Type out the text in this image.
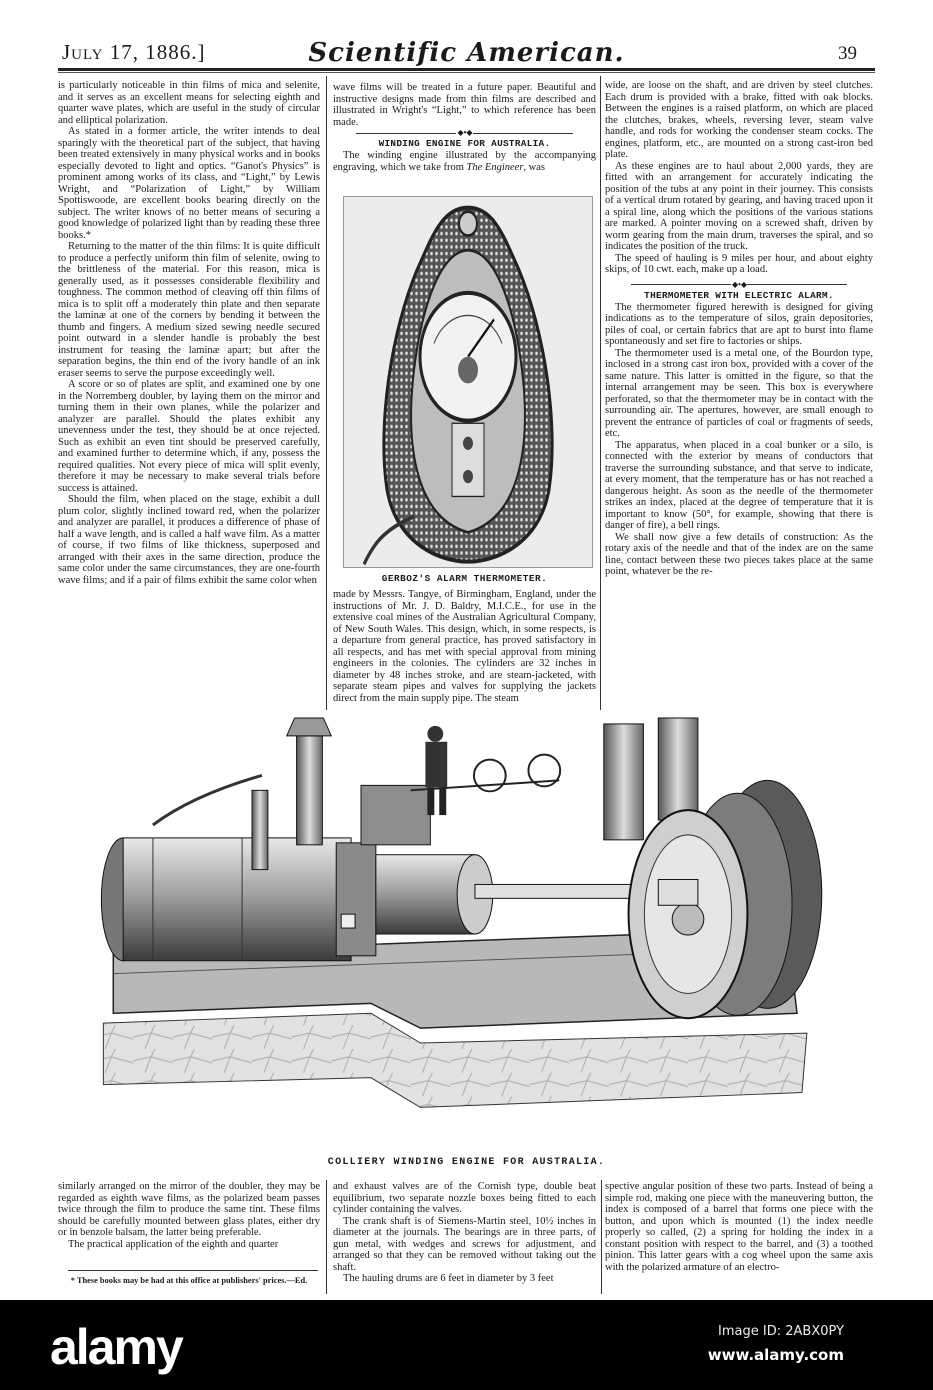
July 17, 1886.]	Scientific American.	39

is particularly noticeable in thin films of mica and selenite, and it serves as an excellent means for selecting eighth and quarter wave plates, which are useful in the study of circular and elliptical polarization.

As stated in a former article, the writer intends to deal sparingly with the theoretical part of the subject, that having been treated extensively in many physical works and in books especially devoted to light and optics. “Ganot's Physics” is prominent among works of its class, and “Light,” by Lewis Wright, and “Polarization of Light,” by William Spottiswoode, are excellent books bearing directly on the subject. The writer knows of no better means of securing a good knowledge of polarized light than by reading these three books.*

Returning to the matter of the thin films: It is quite difficult to produce a perfectly uniform thin film of selenite, owing to the brittleness of the material. For this reason, mica is generally used, as it possesses considerable flexibility and toughness. The common method of cleaving off thin films of mica is to split off a moderately thin plate and then separate the laminæ at one of the corners by bending it between the thumb and fingers. A medium sized sewing needle secured point outward in a slender handle is probably the best instrument for teasing the laminæ apart; but after the separation begins, the thin end of the ivory handle of an ink eraser seems to serve the purpose exceedingly well.

A score or so of plates are split, and examined one by one in the Norremberg doubler, by laying them on the mirror and turning them in their own planes, while the polarizer and analyzer are parallel. Should the plates exhibit any unevenness under the test, they should be at once rejected. Such as exhibit an even tint should be preserved carefully, and examined further to determine which, if any, possess the required qualities. Not every piece of mica will split evenly, therefore it may be necessary to make several trials before success is attained.

Should the film, when placed on the stage, exhibit a dull plum color, slightly inclined toward red, when the polarizer and analyzer are parallel, it produces a difference of phase of half a wave length, and is called a half wave film. As a matter of course, if two films of like thickness, superposed and arranged with their axes in the same direction, produce the same color under the same circumstances, they are one-fourth wave films; and if a pair of films exhibit the same color when

wave films will be treated in a future paper. Beautiful and instructive designs made from thin films are described and illustrated in Wright's “Light,” to which reference has been made.

◆ • ◆

WINDING ENGINE FOR AUSTRALIA.

The winding engine illustrated by the accompanying engraving, which we take from The Engineer, was

GERBOZ'S ALARM THERMOMETER.

made by Messrs. Tangye, of Birmingham, England, under the instructions of Mr. J. D. Baldry, M.I.C.E., for use in the extensive coal mines of the Australian Agricultural Company, of New South Wales. This design, which, in some respects, is a departure from general practice, has proved satisfactory in all respects, and has met with special approval from mining engineers in the colonies. The cylinders are 32 inches in diameter by 48 inches stroke, and are steam-jacketed, with separate steam pipes and valves for supplying the jackets direct from the main supply pipe. The steam

wide, are loose on the shaft, and are driven by steel clutches. Each drum is provided with a brake, fitted with oak blocks. Between the engines is a raised platform, on which are placed the clutches, brakes, wheels, reversing lever, steam valve handle, and rods for working the condenser steam cocks. The engines, platform, etc., are mounted on a strong cast-iron bed plate.

As these engines are to haul about 2,000 yards, they are fitted with an arrangement for accurately indicating the position of the tubs at any point in their journey. This consists of a vertical drum rotated by gearing, and having traced upon it a spiral line, along which the positions of the various stations are marked. A pointer moving on a screwed shaft, driven by worm gearing from the main drum, traverses the spiral, and so indicates the position of the truck.

The speed of hauling is 9 miles per hour, and about eighty skips, of 10 cwt. each, make up a load.

◆ • ◆

THERMOMETER WITH ELECTRIC ALARM.

The thermometer figured herewith is designed for giving indications as to the temperature of silos, grain depositories, piles of coal, or certain fabrics that are apt to burst into flame spontaneously and set fire to factories or ships.

The thermometer used is a metal one, of the Bourdon type, inclosed in a strong cast iron box, provided with a cover of the same nature. This latter is omitted in the figure, so that the internal arrangement may be seen. This box is everywhere perforated, so that the thermometer may be in contact with the surrounding air. The apertures, however, are small enough to prevent the entrance of particles of coal or fragments of seeds, etc.

The apparatus, when placed in a coal bunker or a silo, is connected with the exterior by means of conductors that traverse the surrounding substance, and that serve to indicate, at every moment, that the temperature has or has not reached a dangerous height. As soon as the needle of the thermometer strikes an index, placed at the degree of temperature that it is important to know (50°, for example, showing that there is danger of fire), a bell rings.

We shall now give a few details of construction: As the rotary axis of the needle and that of the index are on the same line, contact between these two pieces takes place at the same point, whatever be the re-

COLLIERY WINDING ENGINE FOR AUSTRALIA.

similarly arranged on the mirror of the doubler, they may be regarded as eighth wave films, as the polarized beam passes twice through the film to produce the same tint. These films should be carefully mounted between glass plates, either dry or in benzole balsam, the latter being preferable.

The practical application of the eighth and quarter

* These books may be had at this office at publishers' prices.—Ed.

and exhaust valves are of the Cornish type, double beat equilibrium, two separate nozzle boxes being fitted to each cylinder containing the valves.

The crank shaft is of Siemens-Martin steel, 10½ inches in diameter at the journals. The bearings are in three parts, of gun metal, with wedges and screws for adjustment, and arranged so that they can be removed without taking out the shaft.

The hauling drums are 6 feet in diameter by 3 feet

spective angular position of these two parts. Instead of being a simple rod, making one piece with the maneuvering button, the index is composed of a barrel that forms one piece with the button, and upon which is mounted (1) the index needle properly so called, (2) a spring for holding the index in a constant position with respect to the barrel, and (3) a toothed pinion. This latter gears with a cog wheel upon the same axis with the polarized armature of an electro-

alamy	Image ID: 2ABX0PY
www.alamy.com
